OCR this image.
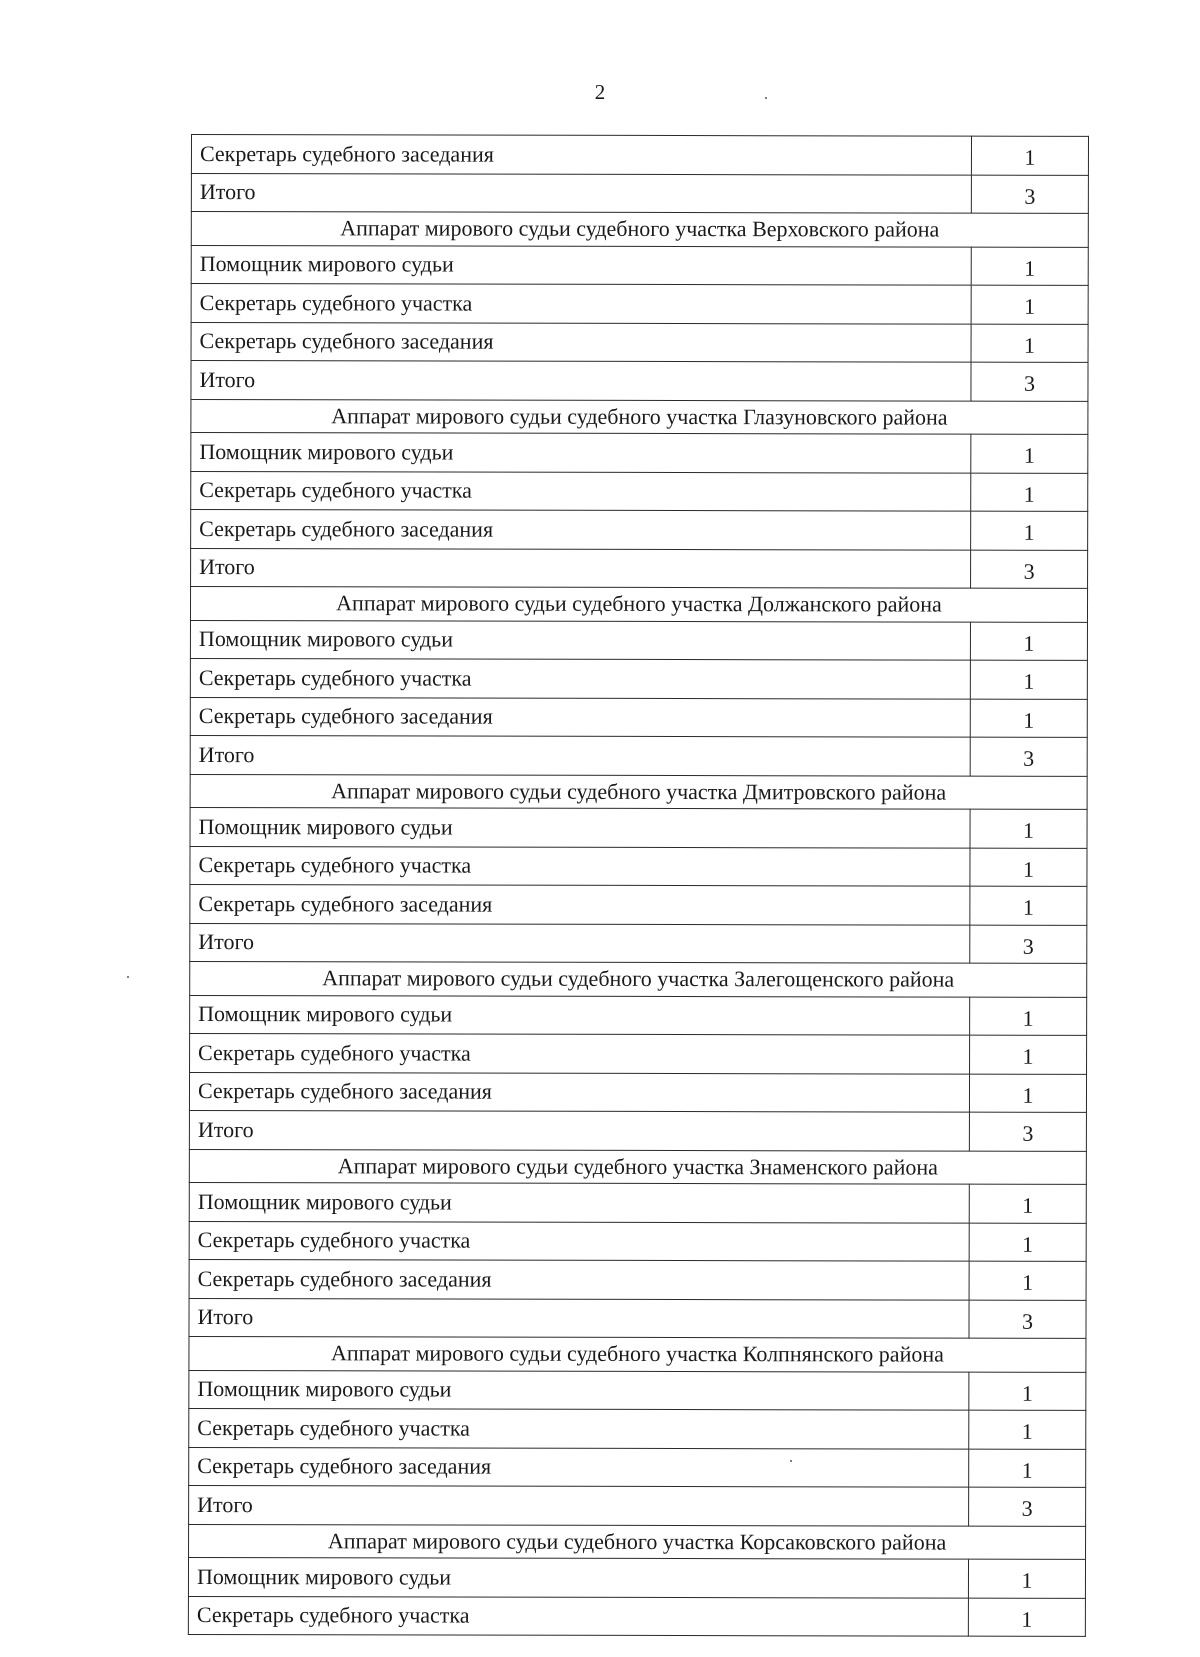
2
Секретарь судебного заседания	1
Итого	3
Аппарат мирового судьи судебного участка Верховского района	
Помощник мирового судьи	1
Секретарь судебного участка	1
Секретарь судебного заседания	1
Итого	3
Аппарат мирового судьи судебного участка Глазуновского района	
Помощник мирового судьи	1
Секретарь судебного участка	1
Секретарь судебного заседания	1
Итого	3
Аппарат мирового судьи судебного участка Должанского района	
Помощник мирового судьи	1
Секретарь судебного участка	1
Секретарь судебного заседания	1
Итого	3
Аппарат мирового судьи судебного участка Дмитровского района	
Помощник мирового судьи	1
Секретарь судебного участка	1
Секретарь судебного заседания	1
Итого	3
Аппарат мирового судьи судебного участка Залегощенского района	
Помощник мирового судьи	1
Секретарь судебного участка	1
Секретарь судебного заседания	1
Итого	3
Аппарат мирового судьи судебного участка Знаменского района	
Помощник мирового судьи	1
Секретарь судебного участка	1
Секретарь судебного заседания	1
Итого	3
Аппарат мирового судьи судебного участка Колпнянского района	
Помощник мирового судьи	1
Секретарь судебного участка	1
Секретарь судебного заседания	1
Итого	3
Аппарат мирового судьи судебного участка Корсаковского района	
Помощник мирового судьи	1
Секретарь судебного участка	1
